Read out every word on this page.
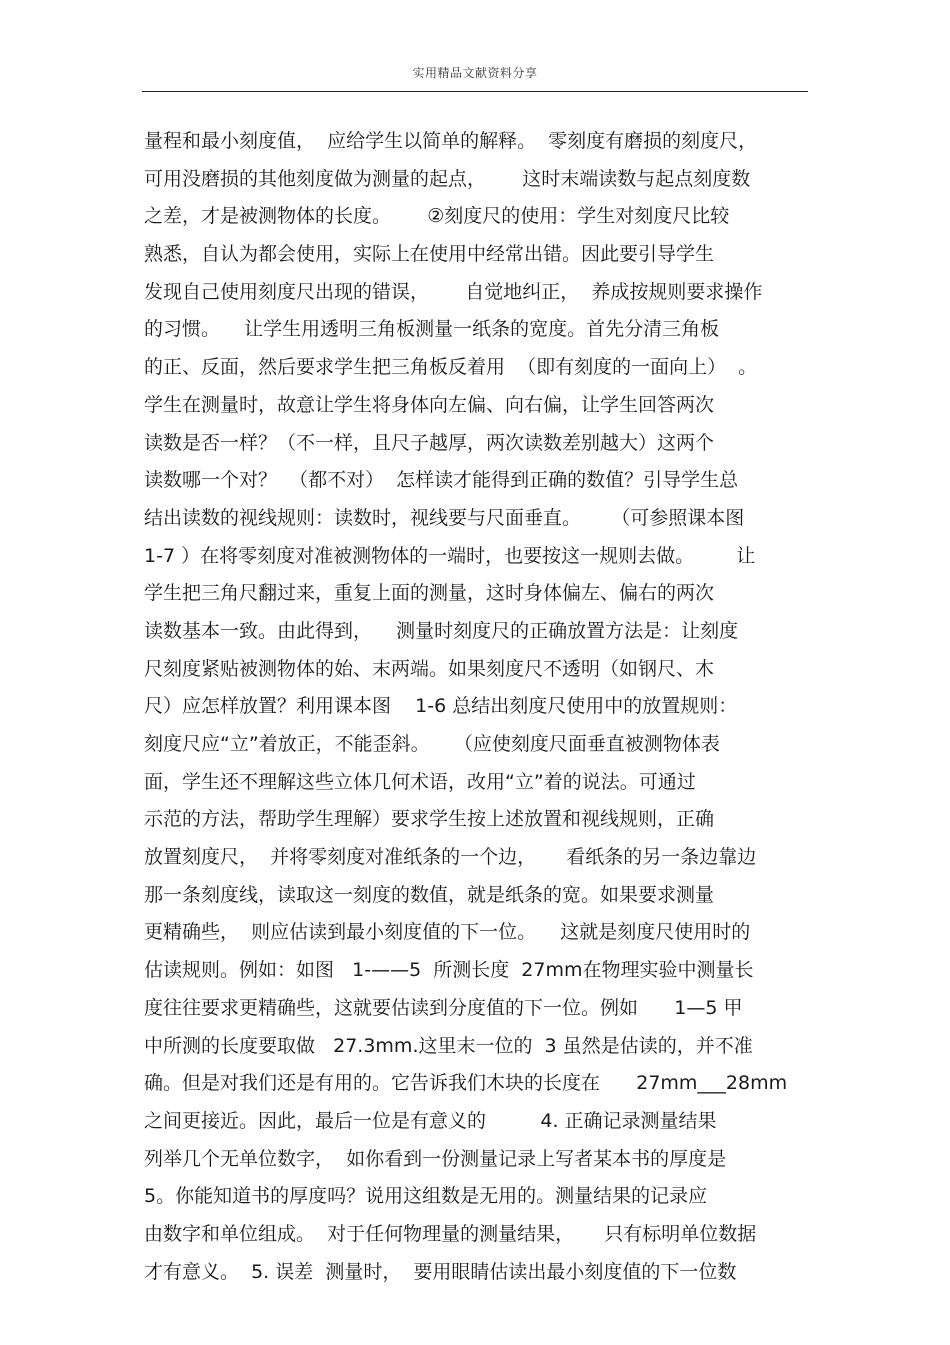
实用精品文献资料分享
量程和最小刻度值，  应给学生以简单的解释。  零刻度有磨损的刻度尺，
可用没磨损的其他刻度做为测量的起点，      这时末端读数与起点刻度数
之差，才是被测物体的长度。      ②刻度尺的使用：学生对刻度尺比较
熟悉，自认为都会使用，实际上在使用中经常出错。因此要引导学生
发现自己使用刻度尺出现的错误，      自觉地纠正，  养成按规则要求操作
的习惯。    让学生用透明三角板测量一纸条的宽度。首先分清三角板
的正、反面，然后要求学生把三角板反着用  （即有刻度的一面向上）  。
学生在测量时，故意让学生将身体向左偏、向右偏，让学生回答两次
读数是否一样？（不一样，且尺子越厚，两次读数差别越大）这两个
读数哪一个对？  （都不对）  怎样读才能得到正确的数值？引导学生总
结出读数的视线规则：读数时，视线要与尺面垂直。     （可参照课本图
1-7 ）在将零刻度对准被测物体的一端时，也要按这一规则去做。       让
学生把三角尺翻过来，重复上面的测量，这时身体偏左、偏右的两次
读数基本一致。由此得到，    测量时刻度尺的正确放置方法是：让刻度
尺刻度紧贴被测物体的始、末两端。如果刻度尺不透明（如钢尺、木
尺）应怎样放置？利用课本图    1-6 总结出刻度尺使用中的放置规则：
刻度尺应“立”着放正，不能歪斜。    （应使刻度尺面垂直被测物体表
面，学生还不理解这些立体几何术语，改用“立”着的说法。可通过
示范的方法，帮助学生理解）要求学生按上述放置和视线规则，正确
放置刻度尺，  并将零刻度对准纸条的一个边，     看纸条的另一条边靠边
那一条刻度线，读取这一刻度的数值，就是纸条的宽。如果要求测量
更精确些，  则应估读到最小刻度值的下一位。    这就是刻度尺使用时的
估读规则。例如：如图   1-——5  所测长度  27mm在物理实验中测量长
度往往要求更精确些，这就要估读到分度值的下一位。例如      1—5 甲
中所测的长度要取做   27.3mm.这里末一位的  3 虽然是估读的，并不准
确。但是对我们还是有用的。它告诉我们木块的长度在      27mm___28mm
之间更接近。因此，最后一位是有意义的         4. 正确记录测量结果
列举几个无单位数字，  如你看到一份测量记录上写者某本书的厚度是
5。你能知道书的厚度吗？说用这组数是无用的。测量结果的记录应
由数字和单位组成。  对于任何物理量的测量结果，     只有标明单位数据
才有意义。  5. 误差  测量时，  要用眼睛估读出最小刻度值的下一位数
